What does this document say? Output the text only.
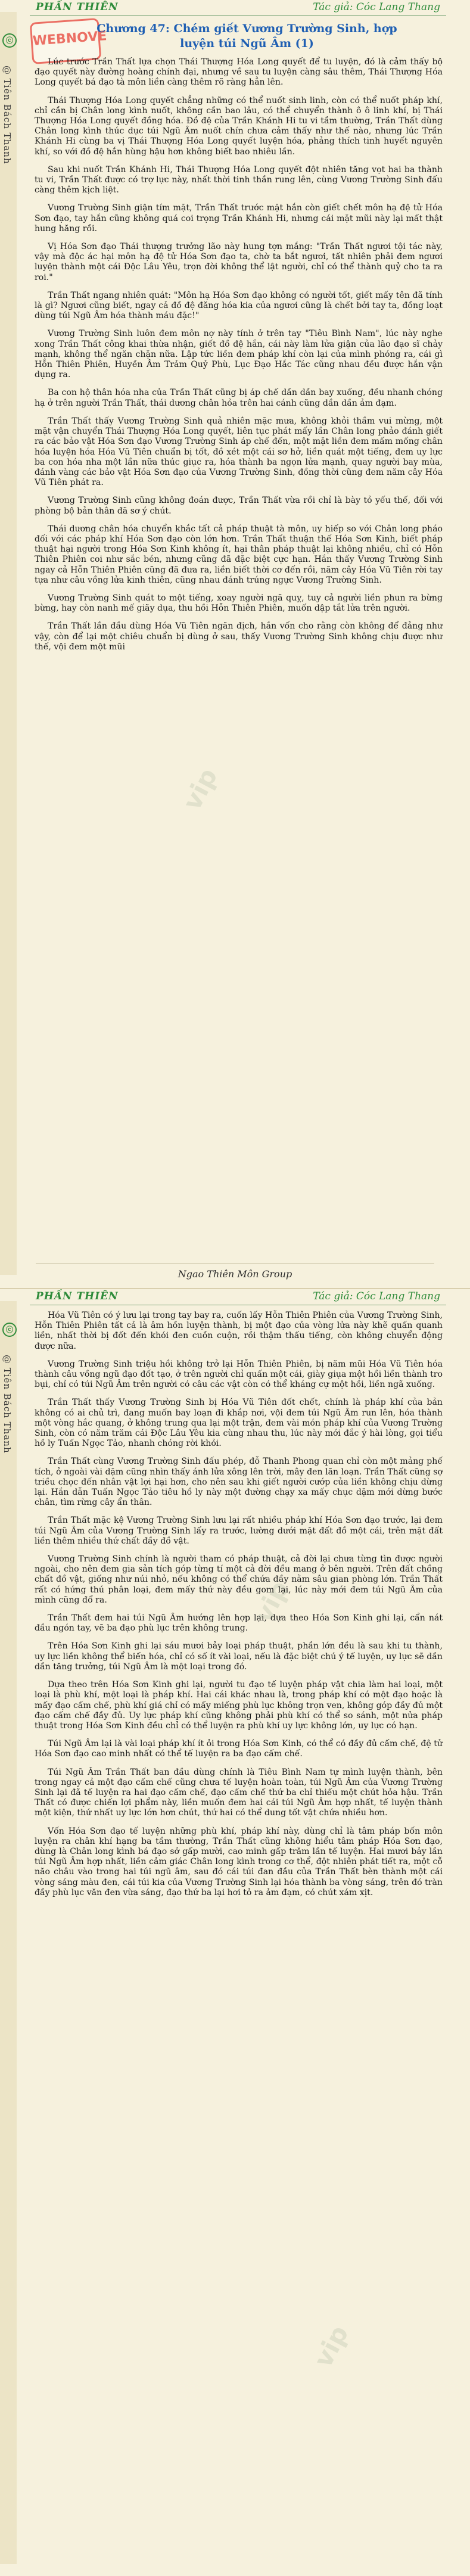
PHẦN THIÊN	Tác giả: Cóc Lang Thang
ⓒ
@ Tiên Bách Thanh
WEBNOVE
Chương 47: Chém giết Vương Trường Sinh, hợp luyện túi Ngũ Âm (1)
vip

Lúc trước Trần Thất lựa chọn Thái Thượng Hóa Long quyết để tu luyện, đó là cảm thấy bộ đạo quyết này đường hoàng chính đại, nhưng về sau tu luyện càng sâu thêm, Thái Thượng Hóa Long quyết bá đạo tà môn liền càng thêm rõ ràng hẳn lên.

Thái Thượng Hóa Long quyết chẳng những có thể nuốt sinh linh, còn có thể nuốt pháp khí, chỉ cần bị Chân long kình nuốt, không cần bao lâu, có thể chuyển thành ô ô linh khí, bị Thái Thượng Hóa Long quyết đồng hóa. Đồ đệ của Trần Khánh Hi tu vi tầm thường, Trần Thất dùng Chân long kình thúc dục túi Ngũ Âm nuốt chín chưa cảm thấy như thế nào, nhưng lúc Trần Khánh Hi cùng ba vị Thái Thượng Hóa Long quyết luyện hóa, phảng thích tinh huyết nguyên khí, so với đồ đệ hắn hùng hậu hơn không biết bao nhiêu lần.

Sau khi nuốt Trần Khánh Hi, Thái Thượng Hóa Long quyết đột nhiên tăng vọt hai ba thành tu vi, Trần Thất được có trợ lực này, nhất thời tinh thần rung lên, cùng Vương Trường Sinh đấu càng thêm kịch liệt.

Vương Trường Sinh giận tím mặt, Trần Thất trước mặt hắn còn giết chết môn hạ đệ tử Hóa Sơn đạo, tay hắn cũng không quá coi trọng Trần Khánh Hi, nhưng cái mặt mũi này lại mất thật hung hăng rồi.

Vị Hóa Sơn đạo Thái thượng trưởng lão này hung tợn mắng: "Trần Thất ngươi tội tác này, vậy mà độc ác hại môn hạ đệ tử Hóa Sơn đạo ta, chờ ta bắt ngươi, tất nhiên phải đem ngươi luyện thành một cái Độc Lâu Yêu, trọn đời không thể lật người, chỉ có thể thành quỷ cho ta ra roi."

Trần Thất ngang nhiên quát: "Môn hạ Hóa Sơn đạo không có người tốt, giết mấy tên đã tính là gì? Ngươi cũng biết, ngay cả đồ đệ đăng hóa kia của ngươi cũng là chết bởi tay ta, đồng loạt dùng túi Ngũ Âm hóa thành máu đặc!"

Vương Trường Sinh luôn đem môn nợ này tính ở trên tay "Tiêu Bình Nam", lúc này nghe xong Trần Thất công khai thừa nhận, giết đồ đệ hắn, cái này làm lửa giận của lão đạo sĩ chảy mạnh, không thể ngăn chặn nữa. Lập tức liền đem pháp khí còn lại của mình phóng ra, cái gì Hỗn Thiên Phiên, Huyền Âm Trảm Quỷ Phù, Lục Đạo Hắc Tác cũng nhau đều được hắn vận dụng ra.

Ba con hộ thân hóa nha của Trần Thất cũng bị áp chế dần dần bay xuống, đều nhanh chóng hạ ở trên người Trần Thất, thái dương chân hỏa trên hai cánh cũng dần dần ảm đạm.

Trần Thất thấy Vương Trường Sinh quả nhiên mặc mưa, không khỏi thầm vui mừng, một mặt vận chuyển Thái Thượng Hóa Long quyết, liên tục phát mấy lần Chân long phảo đánh giết ra các bảo vật Hóa Sơn đạo Vương Trường Sinh áp chế đến, một mặt liền đem mấm mống chân hóa luyện hóa Hóa Vũ Tiên chuẩn bị tốt, đồ xét một cái sơ hở, liền quát một tiếng, đem uy lực ba con hóa nha một lần nữa thúc giục ra, hóa thành ba ngọn lửa mạnh, quay người bay mùa, đánh vàng các bảo vật Hóa Sơn đạo của Vương Trường Sinh, đồng thời cũng đem năm cây Hóa Vũ Tiên phát ra.

Vương Trường Sinh cũng không đoán được, Trần Thất vừa rồi chỉ là bày tỏ yếu thế, đối với phòng bộ bản thân đã sơ ý chút.

Thái dương chân hóa chuyển khắc tất cả pháp thuật tà môn, uy hiếp so với Chân long pháo đối với các pháp khí Hóa Sơn đạo còn lớn hơn. Trần Thất thuận thế Hóa Sơn Kinh, biết pháp thuật hại người trong Hóa Sơn Kinh không ít, hại thân pháp thuật lại không nhiều, chỉ có Hỗn Thiên Phiên coi như sắc bén, nhưng cũng đã đặc biệt cực hạn. Hắn thấy Vương Trường Sinh ngay cả Hỗn Thiên Phiên cũng đã đưa ra, liền biết thời cơ đến rồi, năm cây Hóa Vũ Tiên rời tay tựa như câu vồng lửa kinh thiên, cũng nhau đánh trúng ngực Vương Trường Sinh.

Vương Trường Sinh quát to một tiếng, xoay người ngã quỵ, tuy cả người liền phun ra bừng bừng, hay còn nanh mế giãy dụa, thu hồi Hỗn Thiên Phiên, muốn dập tắt lửa trên người.

Trần Thất lần đầu dùng Hóa Vũ Tiên ngăn địch, hắn vốn cho rằng còn không để đảng như vậy, còn để lại một chiêu chuẩn bị dùng ở sau, thấy Vương Trường Sinh không chịu được như thế, vội đem một mũi

Ngao Thiên Môn Group
PHẦN THIÊN	Tác giả: Cóc Lang Thang
ⓒ
@ Tiên Bách Thanh
vip
vip

Hóa Vũ Tiên có ý lưu lại trong tay bay ra, cuốn lấy Hỗn Thiên Phiên của Vương Trường Sinh, Hỗn Thiên Phiên tất cả là âm hồn luyện thành, bị một đạo của vòng lửa này khẽ quấn quanh liền, nhất thời bị đốt đến khói đen cuồn cuộn, rồi thậm thấu tiếng, còn không chuyển động được nữa.

Vương Trường Sinh triệu hồi không trở lại Hỗn Thiên Phiên, bị năm mũi Hóa Vũ Tiên hóa thành câu vồng ngũ đạo đốt tạo, ở trên người chỉ quấn một cái, giày giụa một hồi liền thành tro bụi, chỉ có túi Ngũ Âm trên người có câu các vật còn có thể kháng cự một hồi, liền ngã xuống.

Trần Thất thấy Vương Trường Sinh bị Hóa Vũ Tiên đốt chết, chính là pháp khí của bản không có ai chủ trì, đang muốn bay loạn đi khắp nơi, vội đem túi Ngũ Âm run lên, hóa thành một vòng hắc quang, ở không trung qua lại một trận, đem vài món pháp khí của Vương Trường Sinh, còn có năm trăm cái Độc Lâu Yêu kia cùng nhau thu, lúc này mới đắc ý hài lòng, gọi tiểu hồ ly Tuấn Ngọc Tảo, nhanh chóng rời khỏi.

Trần Thất cùng Vương Trường Sinh đấu phép, đỗ Thanh Phong quan chỉ còn một mảng phế tích, ở ngoài vài dặm cũng nhìn thấy ánh lửa xông lên trời, mây đen lăn loạn. Trần Thất cũng sợ triều chọc đến nhân vật lợi hại hơn, cho nên sau khi giết người cướp của liền không chịu dừng lại. Hắn dẫn Tuấn Ngọc Tảo tiêu hồ ly này một đường chạy xa mấy chục dặm mới dừng bước chân, tìm rừng cây ẩn thân.

Trần Thất mặc kệ Vương Trường Sinh lưu lại rất nhiều pháp khí Hóa Sơn đạo trước, lại đem túi Ngũ Âm của Vương Trường Sinh lấy ra trước, lường dưới mặt đất đồ một cái, trên mặt đất liền thêm nhiều thứ chất đầy đồ vật.

Vương Trường Sinh chính là người tham có pháp thuật, cả đời lại chưa từng tìn được người ngoài, cho nên đem gia sản tích góp từng tí một cả đời đều mang ở bên người. Trên đất chồng chất đồ vật, giống như núi nhỏ, nếu không có thể chứa đầy nằm sâu gian phòng lớn. Trần Thất rất có hứng thú phân loại, đem mấy thứ này đều gom lại, lúc này mới đem túi Ngũ Âm của mình cũng đổ ra.

Trần Thất đem hai túi Ngũ Âm hướng lên hợp lại, dựa theo Hóa Sơn Kinh ghi lại, cẩn nát đầu ngón tay, vẽ ba đạo phù lục trên không trung.

Trên Hóa Sơn Kinh ghi lại sáu mươi bảy loại pháp thuật, phần lớn đều là sau khi tu thành, uy lực liền không thể biến hóa, chỉ có số ít vài loại, nếu là đặc biệt chú ý tế luyện, uy lực sẽ dần dần tăng trưởng, túi Ngũ Âm là một loại trong đó.

Dựa theo trên Hóa Sơn Kinh ghi lại, người tu đạo tế luyện pháp vật chia làm hai loại, một loại là phù khí, một loại là pháp khí. Hai cái khác nhau là, trong pháp khí có một đạo hoặc là mấy đạo cấm chế, phù khí giá chỉ có mấy miếng phù lục không trọn ven, không góp đầy đủ một đạo cấm chế đầy đủ. Uy lực pháp khí cũng không phải phù khí có thể so sánh, một nửa pháp thuật trong Hóa Sơn Kinh đều chỉ có thể luyện ra phù khí uy lực không lớn, uy lực có hạn.

Túi Ngũ Âm lại là vài loại pháp khí ít ỏi trong Hóa Sơn Kinh, có thể có đầy đủ cấm chế, đệ tử Hóa Sơn đạo cao minh nhất có thể tế luyện ra ba đạo cấm chế.

Túi Ngũ Âm Trần Thất ban đầu dùng chính là Tiêu Bình Nam tự mình luyện thành, bên trong ngay cả một đạo cấm chế cũng chưa tế luyện hoàn toàn, túi Ngũ Âm của Vương Trường Sinh lại đã tế luyện ra hai đạo cấm chế, đạo cấm chế thứ ba chỉ thiếu một chút hỏa hậu. Trần Thất có được chiến lợi phẩm này, liền muốn đem hai cái túi Ngũ Âm hợp nhất, tế luyện thành một kiện, thứ nhất uy lực lớn hơn chút, thứ hai có thể dung tốt vật chứa nhiều hơn.

Vốn Hóa Sơn đạo tế luyện những phù khí, pháp khí này, dùng chỉ là tâm pháp bốn môn luyện ra chân khí hạng ba tầm thường, Trần Thất cũng không hiểu tâm pháp Hóa Sơn đạo, dùng là Chân long kình bá đạo sở gấp mười, cao minh gấp trăm lần tế luyện. Hai mươi bảy lần túi Ngũ Âm hợp nhất, liền cảm giác Chân long kình trong cơ thể, đột nhiên phát tiết ra, một cỗ năo châu vào trong hai túi ngũ âm, sau đó cái túi đan đầu của Trần Thất bèn thành một cái vòng sáng màu đen, cái túi kia của Vương Trường Sinh lại hóa thành ba vòng sáng, trên đó tràn đầy phù lục văn đen vừa sáng, đạo thứ ba lại hơi tỏ ra ảm đạm, có chút xám xịt.
